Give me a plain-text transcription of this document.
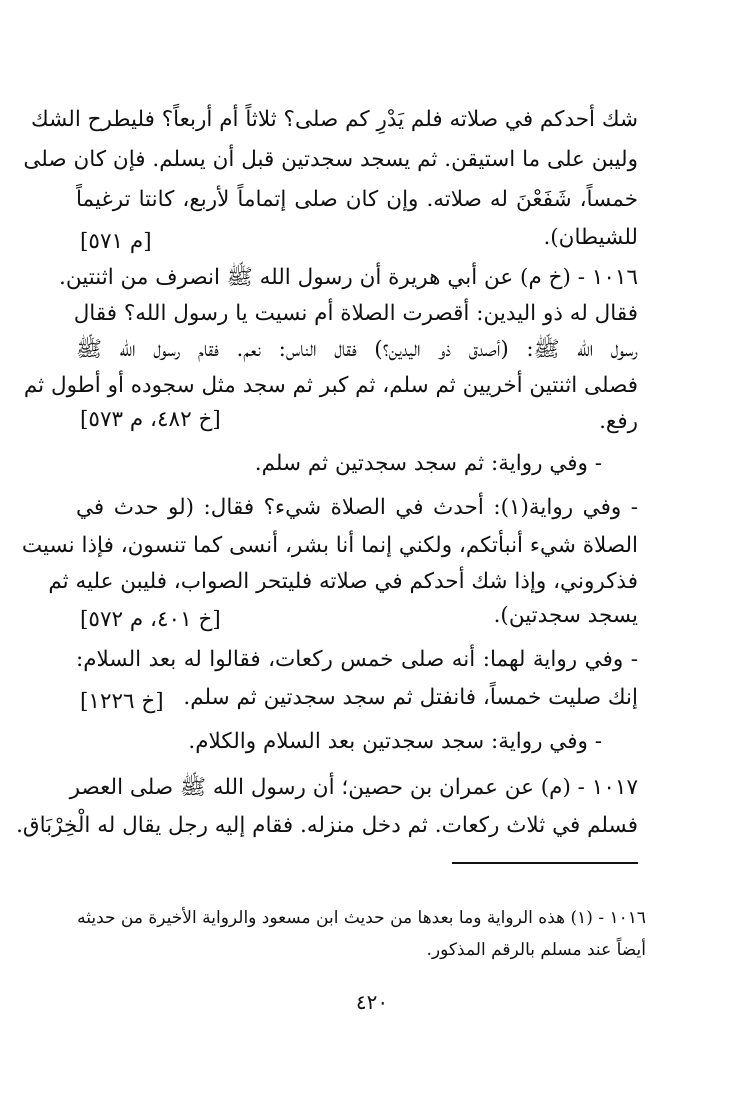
شك أحدكم في صلاته فلم يَدْرِ كم صلى؟ ثلاثاً أم أربعاً؟ فليطرح الشك
وليبن على ما استيقن. ثم يسجد سجدتين قبل أن يسلم. فإن كان صلى
خمساً، شَفَعْنَ له صلاته. وإن كان صلى إتماماً لأربع، كانتا ترغيماً
للشيطان).
[م ٥٧١]
١٠١٦ - (خ م) عن أبي هريرة أن رسول الله ﷺ انصرف من اثنتين.
فقال له ذو اليدين: أقصرت الصلاة أم نسيت يا رسول الله؟ فقال
رسول الله ﷺ: (أصدق ذو اليدين؟) فقال الناس: نعم. فقام رسول الله ﷺ
فصلى اثنتين أخريين ثم سلم، ثم كبر ثم سجد مثل سجوده أو أطول ثم
رفع.
[خ ٤٨٢، م ٥٧٣]
- وفي رواية: ثم سجد سجدتين ثم سلم.
- وفي رواية(١): أحدث في الصلاة شيء؟ فقال: (لو حدث في
الصلاة شيء أنبأتكم، ولكني إنما أنا بشر، أنسى كما تنسون، فإذا نسيت
فذكروني، وإذا شك أحدكم في صلاته فليتحر الصواب، فليبن عليه ثم
يسجد سجدتين).
[خ ٤٠١، م ٥٧٢]
- وفي رواية لهما: أنه صلى خمس ركعات، فقالوا له بعد السلام:
إنك صليت خمساً، فانفتل ثم سجد سجدتين ثم سلم.
[خ ١٢٢٦]
- وفي رواية: سجد سجدتين بعد السلام والكلام.
١٠١٧ - (م) عن عمران بن حصين؛ أن رسول الله ﷺ صلى العصر
فسلم في ثلاث ركعات. ثم دخل منزله. فقام إليه رجل يقال له الْخِرْبَاق.
١٠١٦ - (١) هذه الرواية وما بعدها من حديث ابن مسعود والرواية الأخيرة من حديثه
أيضاً عند مسلم بالرقم المذكور.
٤٢٠
